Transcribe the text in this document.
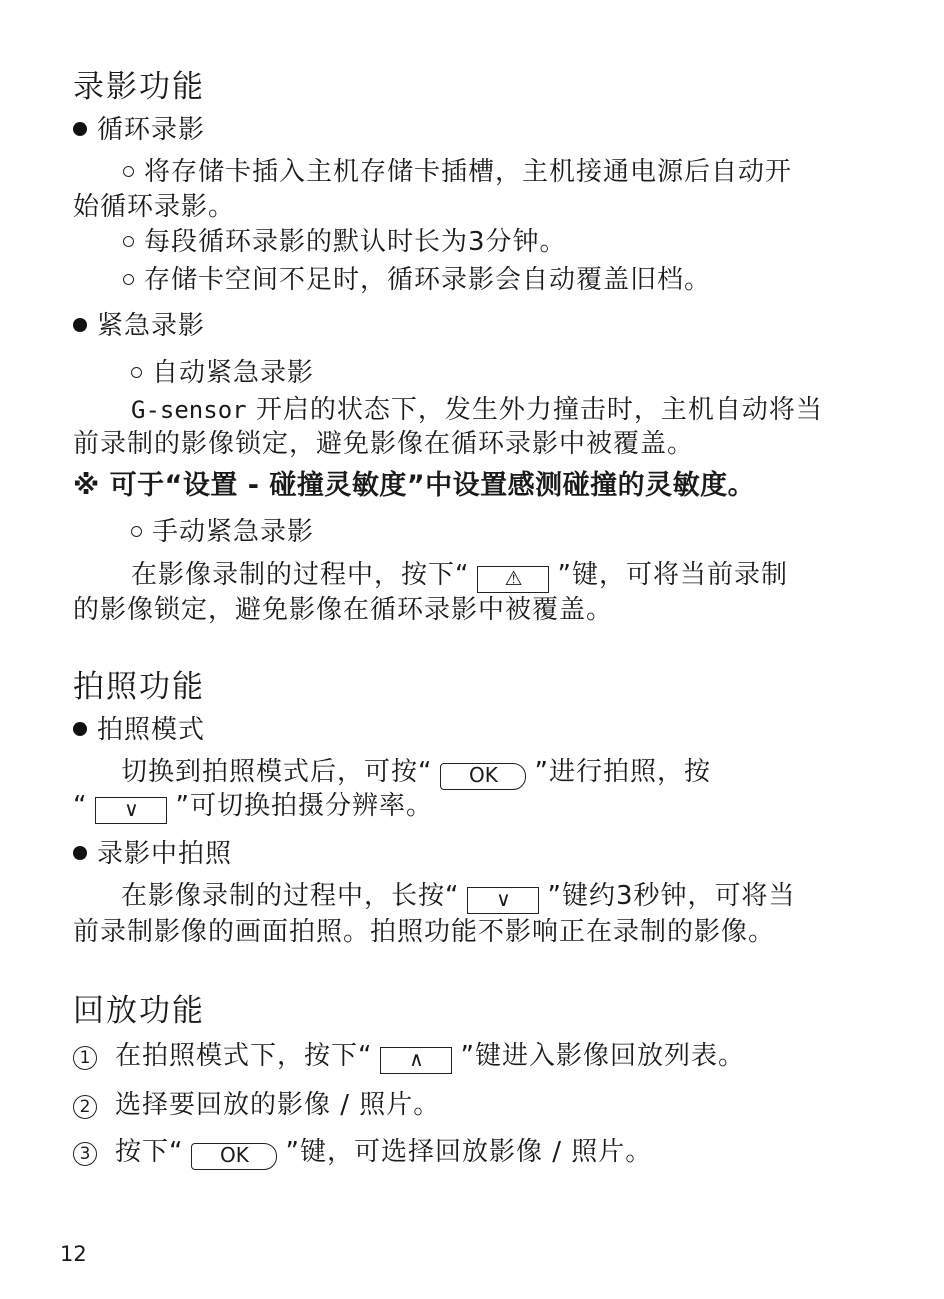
录影功能
循环录影
将存储卡插入主机存储卡插槽，主机接通电源后自动开
始循环录影。
每段循环录影的默认时长为3分钟。
存储卡空间不足时，循环录影会自动覆盖旧档。
紧急录影
自动紧急录影
G-sensor 开启的状态下，发生外力撞击时，主机自动将当
前录制的影像锁定，避免影像在循环录影中被覆盖。
※ 可于“设置 - 碰撞灵敏度”中设置感测碰撞的灵敏度。
手动紧急录影
在影像录制的过程中，按下“ ⚠ ”键，可将当前录制
的影像锁定，避免影像在循环录影中被覆盖。
拍照功能
拍照模式
切换到拍照模式后，可按“ OK ”进行拍照，按
“ ∨ ”可切换拍摄分辨率。
录影中拍照
在影像录制的过程中，长按“ ∨ ”键约3秒钟，可将当
前录制影像的画面拍照。拍照功能不影响正在录制的影像。
回放功能
1 在拍照模式下，按下“ ∧ ”键进入影像回放列表。
2 选择要回放的影像 / 照片。
3 按下“ OK ”键，可选择回放影像 / 照片。
12
